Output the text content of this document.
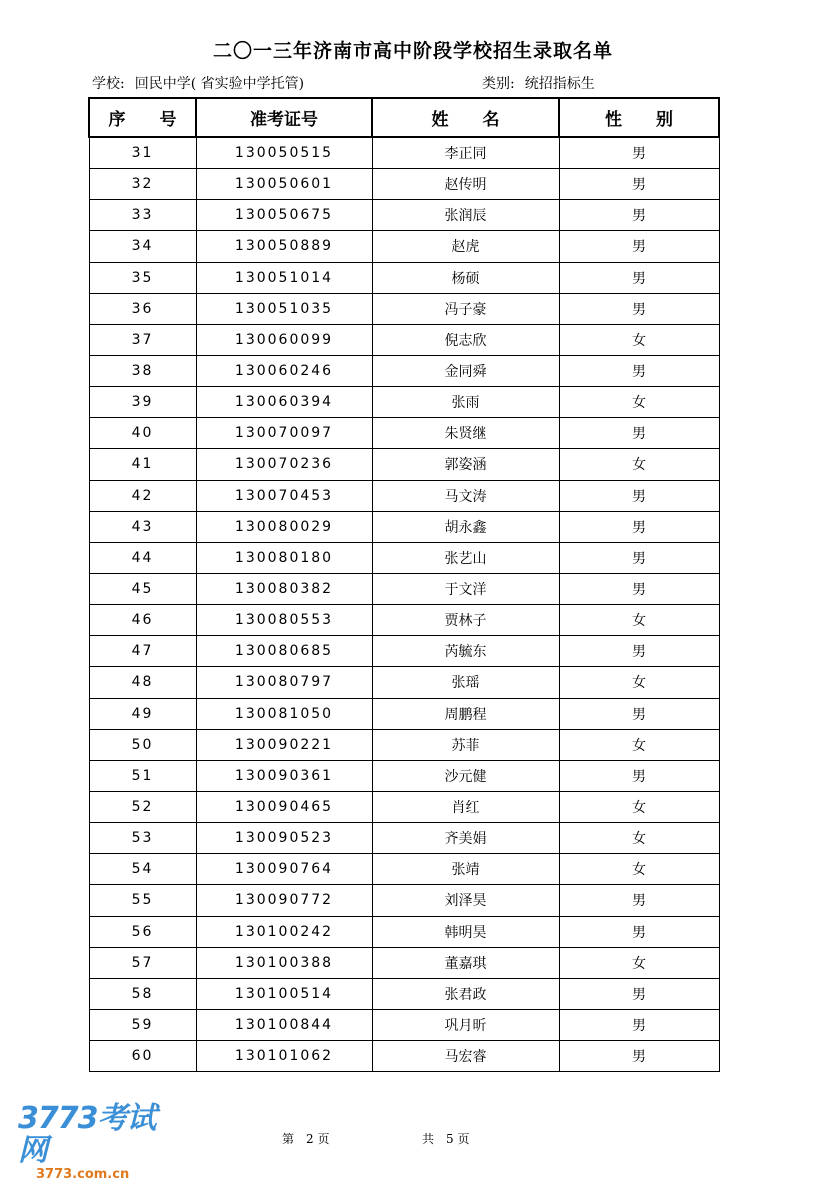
二〇一三年济南市高中阶段学校招生录取名单
学校: 回民中学( 省实验中学托管)	类别: 统招指标生
序　　号	准考证号	姓　　名	性　　别
31	130050515	李正同	男
32	130050601	赵传明	男
33	130050675	张润辰	男
34	130050889	赵虎	男
35	130051014	杨硕	男
36	130051035	冯子豪	男
37	130060099	倪志欣	女
38	130060246	金同舜	男
39	130060394	张雨	女
40	130070097	朱贤继	男
41	130070236	郭姿涵	女
42	130070453	马文涛	男
43	130080029	胡永鑫	男
44	130080180	张艺山	男
45	130080382	于文洋	男
46	130080553	贾林子	女
47	130080685	芮毓东	男
48	130080797	张瑶	女
49	130081050	周鹏程	男
50	130090221	苏菲	女
51	130090361	沙元健	男
52	130090465	肖红	女
53	130090523	齐美娟	女
54	130090764	张靖	女
55	130090772	刘泽昊	男
56	130100242	韩明昊	男
57	130100388	董嘉琪	女
58	130100514	张君政	男
59	130100844	巩月昕	男
60	130101062	马宏睿	男
3773考试网
3773.com.cn
第　2 页	共　5 页
